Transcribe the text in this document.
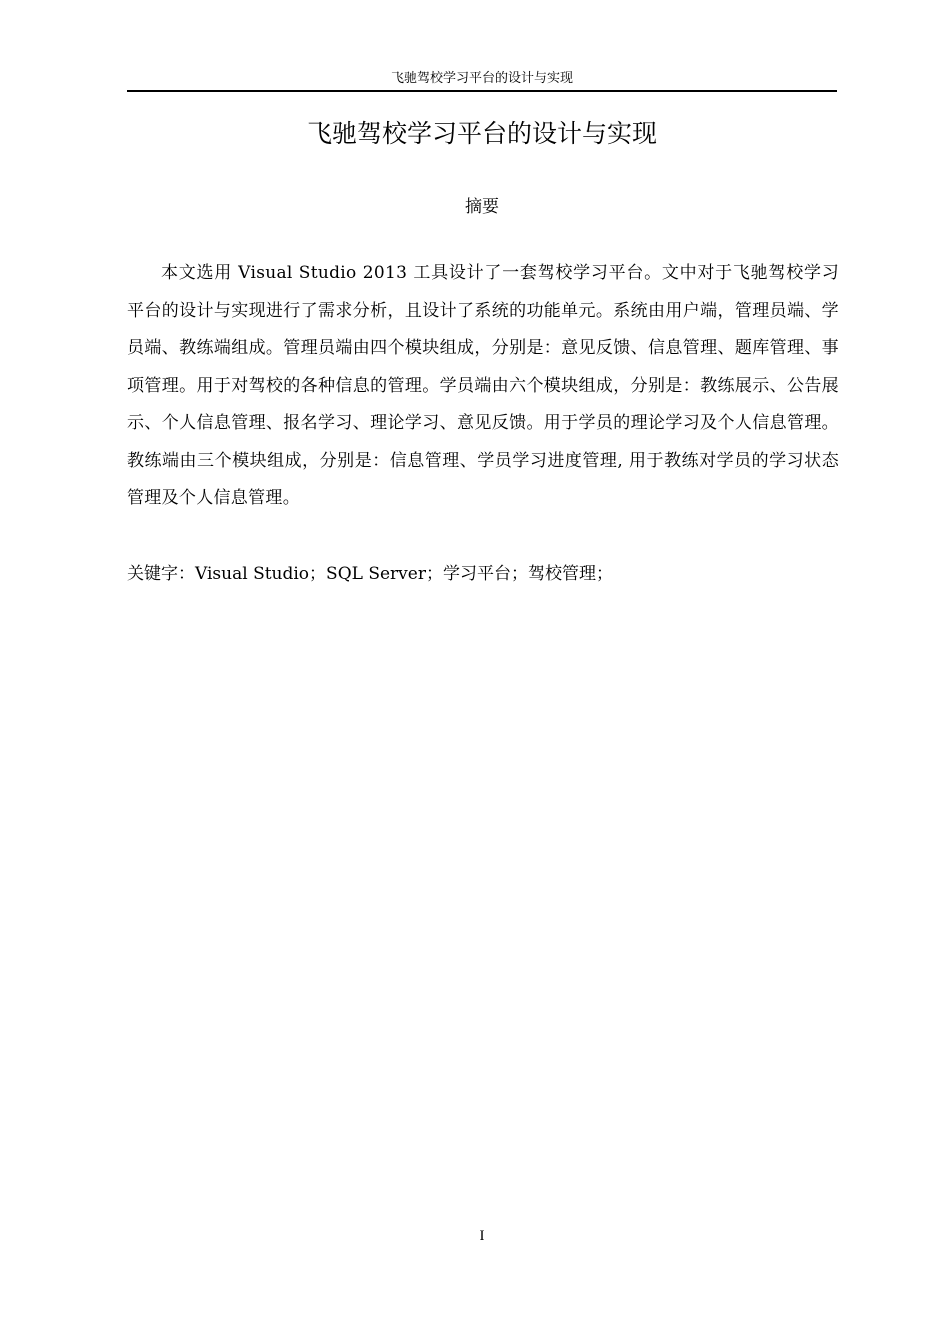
飞驰驾校学习平台的设计与实现
飞驰驾校学习平台的设计与实现
摘要

本文选用 Visual Studio 2013 工具设计了一套驾校学习平台。文中对于飞驰驾校学习平台的设计与实现进行了需求分析，且设计了系统的功能单元。系统由用户端，管理员端、学员端、教练端组成。管理员端由四个模块组成，分别是：意见反馈、信息管理、题库管理、事项管理。用于对驾校的各种信息的管理。学员端由六个模块组成，分别是：教练展示、公告展示、个人信息管理、报名学习、理论学习、意见反馈。用于学员的理论学习及个人信息管理。教练端由三个模块组成，分别是：信息管理、学员学习进度管理, 用于教练对学员的学习状态管理及个人信息管理。

关键字：Visual Studio；SQL Server；学习平台；驾校管理；
I
